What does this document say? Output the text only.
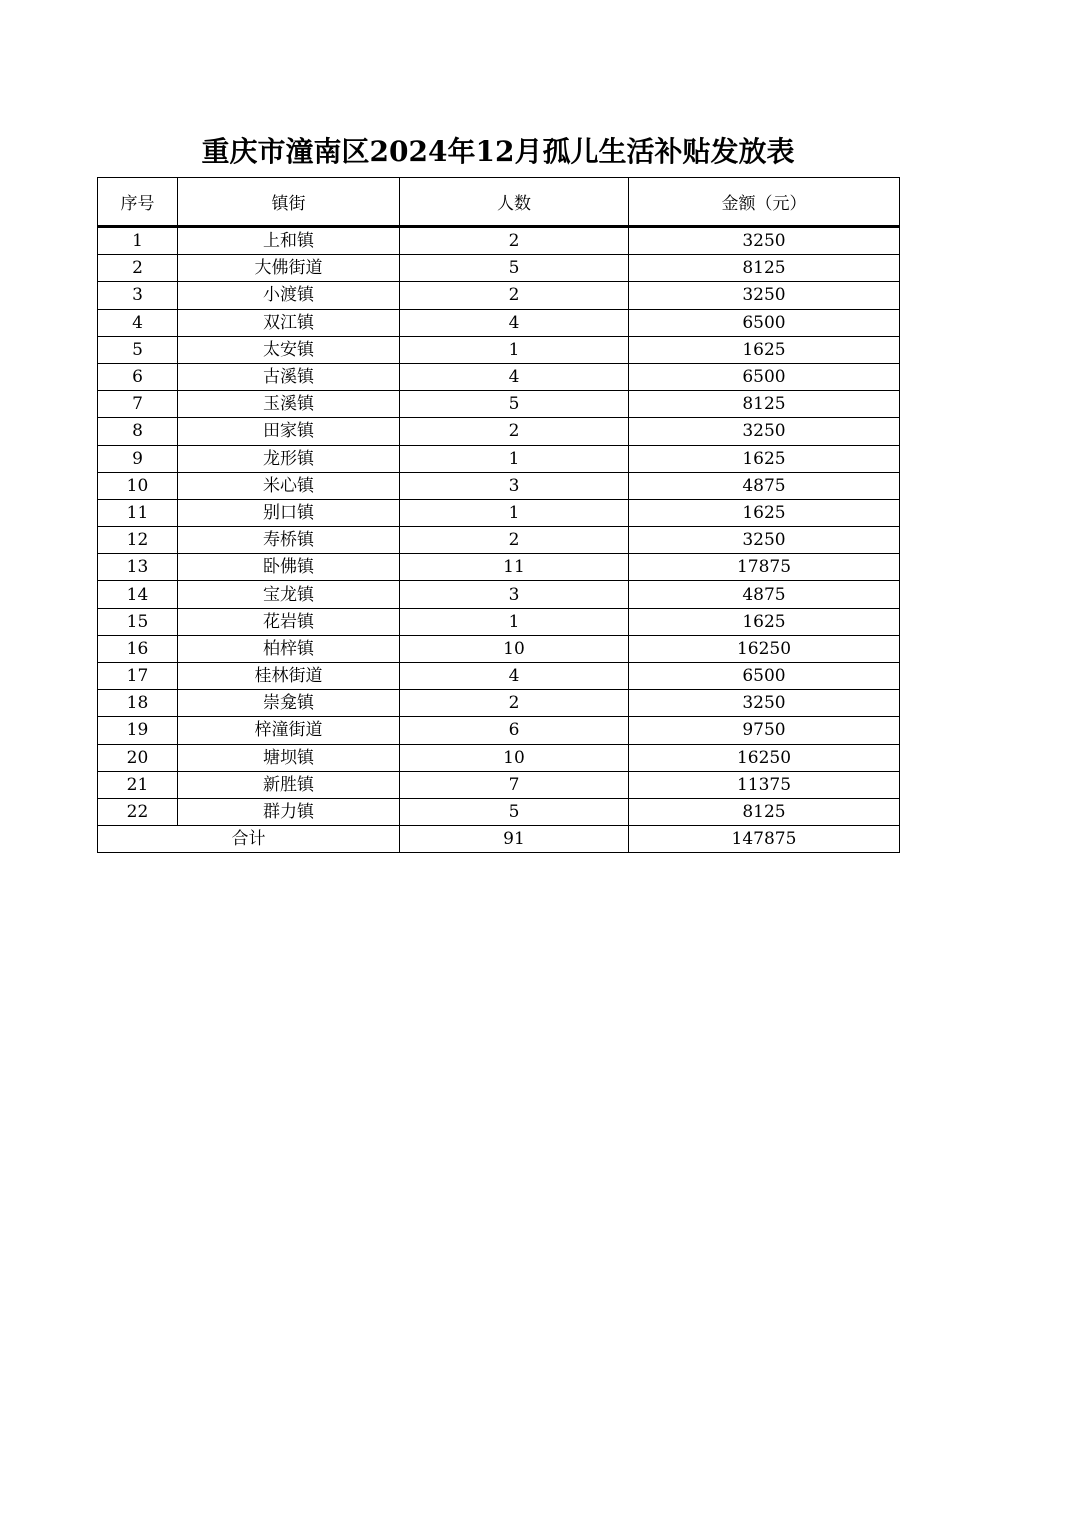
重庆市潼南区2024年12月孤儿生活补贴发放表
序号	镇街	人数	金额（元）
1	上和镇	2	3250
2	大佛街道	5	8125
3	小渡镇	2	3250
4	双江镇	4	6500
5	太安镇	1	1625
6	古溪镇	4	6500
7	玉溪镇	5	8125
8	田家镇	2	3250
9	龙形镇	1	1625
10	米心镇	3	4875
11	别口镇	1	1625
12	寿桥镇	2	3250
13	卧佛镇	11	17875
14	宝龙镇	3	4875
15	花岩镇	1	1625
16	柏梓镇	10	16250
17	桂林街道	4	6500
18	崇龛镇	2	3250
19	梓潼街道	6	9750
20	塘坝镇	10	16250
21	新胜镇	7	11375
22	群力镇	5	8125
合计		91	147875
